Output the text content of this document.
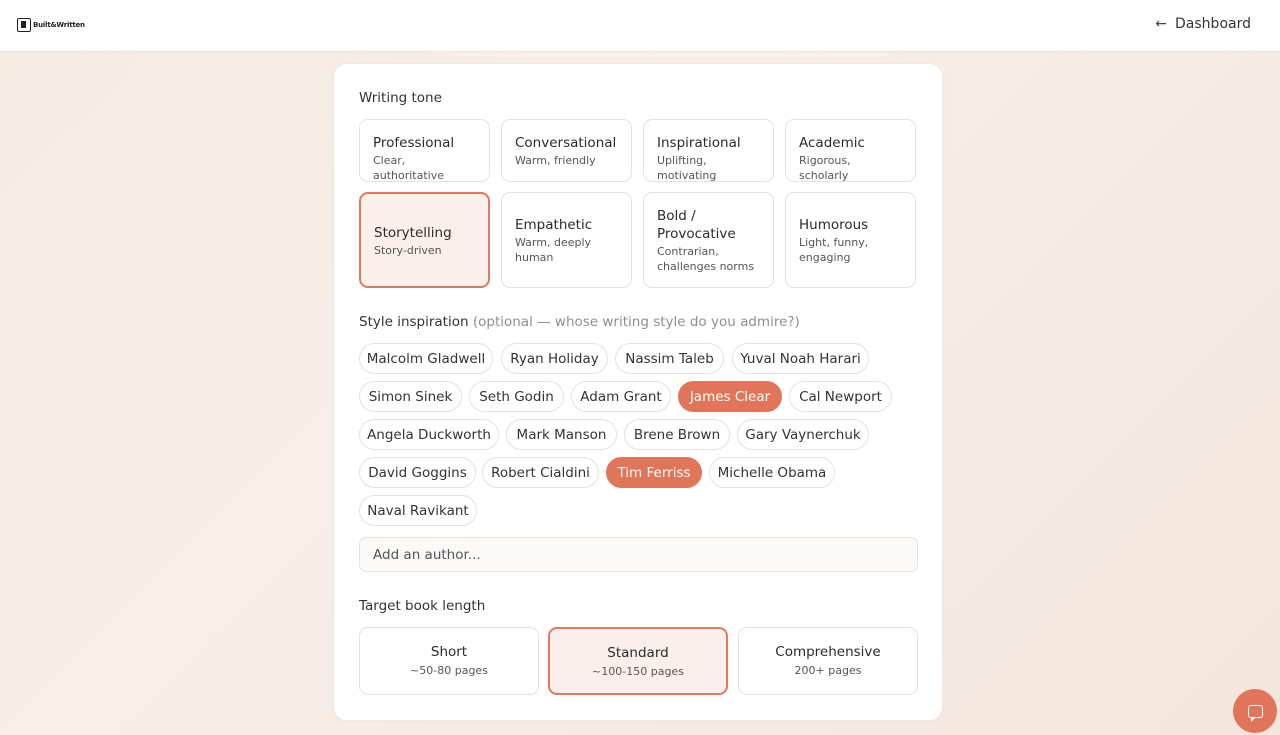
Built&Written	← Dashboard
Writing tone
Professional
Clear, authoritative
Conversational
Warm, friendly
Inspirational
Uplifting, motivating
Academic
Rigorous, scholarly
Storytelling
Story-driven
Empathetic
Warm, deeply human
Bold / Provocative
Contrarian, challenges norms
Humorous
Light, funny, engaging
Style inspiration (optional — whose writing style do you admire?)
Malcolm Gladwell	Ryan Holiday	Nassim Taleb	Yuval Noah Harari
Simon Sinek	Seth Godin	Adam Grant	James Clear	Cal Newport
Angela Duckworth	Mark Manson	Brene Brown	Gary Vaynerchuk
David Goggins	Robert Cialdini	Tim Ferriss	Michelle Obama
Naval Ravikant
Add an author...
Target book length
Short
~50-80 pages
Standard
~100-150 pages
Comprehensive
200+ pages
